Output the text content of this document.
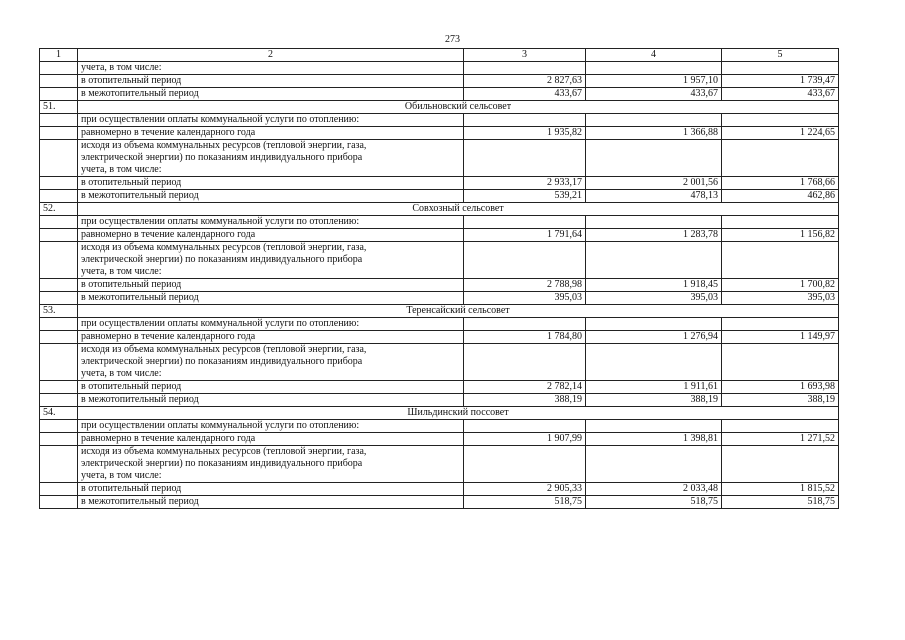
273
1	2	3	4	5
	учета, в том числе:			
	в отопительный период	2 827,63	1 957,10	1 739,47
	в межотопительный период	433,67	433,67	433,67
51.	Обильновский сельсовет			
	при осуществлении оплаты коммунальной услуги по отоплению:			
	равномерно в течение календарного года	1 935,82	1 366,88	1 224,65

	исходя из объема коммунальных ресурсов (тепловой энергии, газа,
электрической энергии) по показаниям индивидуального прибора
учета, в том числе:			

	в отопительный период	2 933,17	2 001,56	1 768,66
	в межотопительный период	539,21	478,13	462,86
52.	Совхозный сельсовет			
	при осуществлении оплаты коммунальной услуги по отоплению:			
	равномерно в течение календарного года	1 791,64	1 283,78	1 156,82

	исходя из объема коммунальных ресурсов (тепловой энергии, газа,
электрической энергии) по показаниям индивидуального прибора
учета, в том числе:			

	в отопительный период	2 788,98	1 918,45	1 700,82
	в межотопительный период	395,03	395,03	395,03
53.	Теренсайский сельсовет			
	при осуществлении оплаты коммунальной услуги по отоплению:			
	равномерно в течение календарного года	1 784,80	1 276,94	1 149,97

	исходя из объема коммунальных ресурсов (тепловой энергии, газа,
электрической энергии) по показаниям индивидуального прибора
учета, в том числе:			

	в отопительный период	2 782,14	1 911,61	1 693,98
	в межотопительный период	388,19	388,19	388,19
54.	Шильдинский поссовет			
	при осуществлении оплаты коммунальной услуги по отоплению:			
	равномерно в течение календарного года	1 907,99	1 398,81	1 271,52

	исходя из объема коммунальных ресурсов (тепловой энергии, газа,
электрической энергии) по показаниям индивидуального прибора
учета, в том числе:			

	в отопительный период	2 905,33	2 033,48	1 815,52
	в межотопительный период	518,75	518,75	518,75
